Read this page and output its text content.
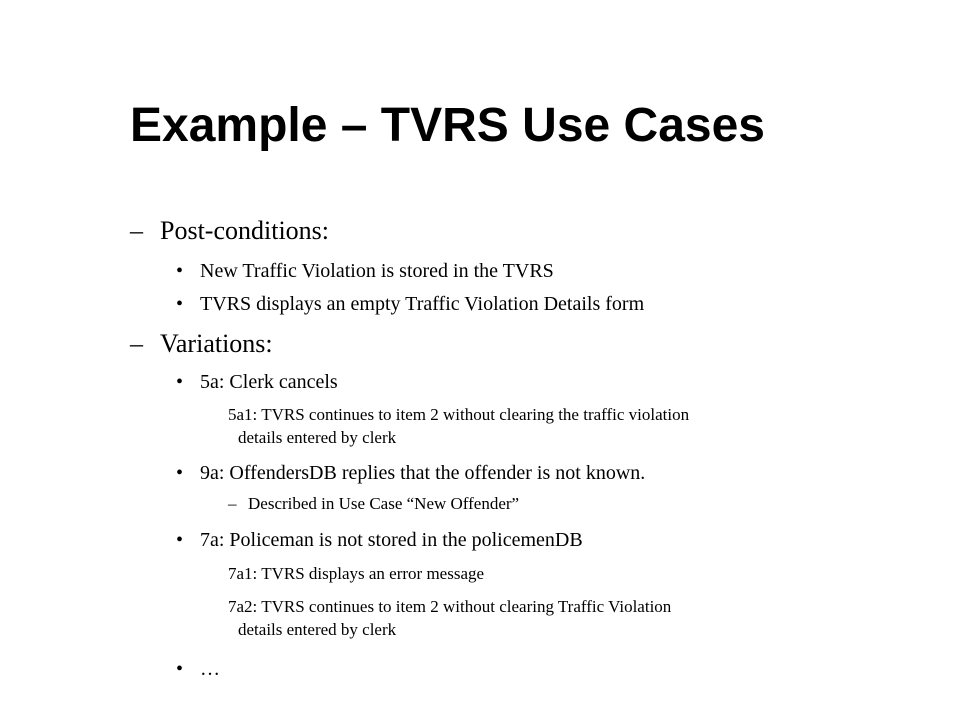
Example – TVRS Use Cases
– Post-conditions:
• New Traffic Violation is stored in the TVRS
• TVRS displays an empty Traffic Violation Details form
– Variations:
• 5a: Clerk cancels
5a1: TVRS continues to item 2 without clearing the traffic violation
details entered by clerk
• 9a: OffendersDB replies that the offender is not known.
– Described in Use Case “New Offender”
• 7a: Policeman is not stored in the policemenDB
7a1: TVRS displays an error message
7a2: TVRS continues to item 2 without clearing Traffic Violation
details entered by clerk
• …
